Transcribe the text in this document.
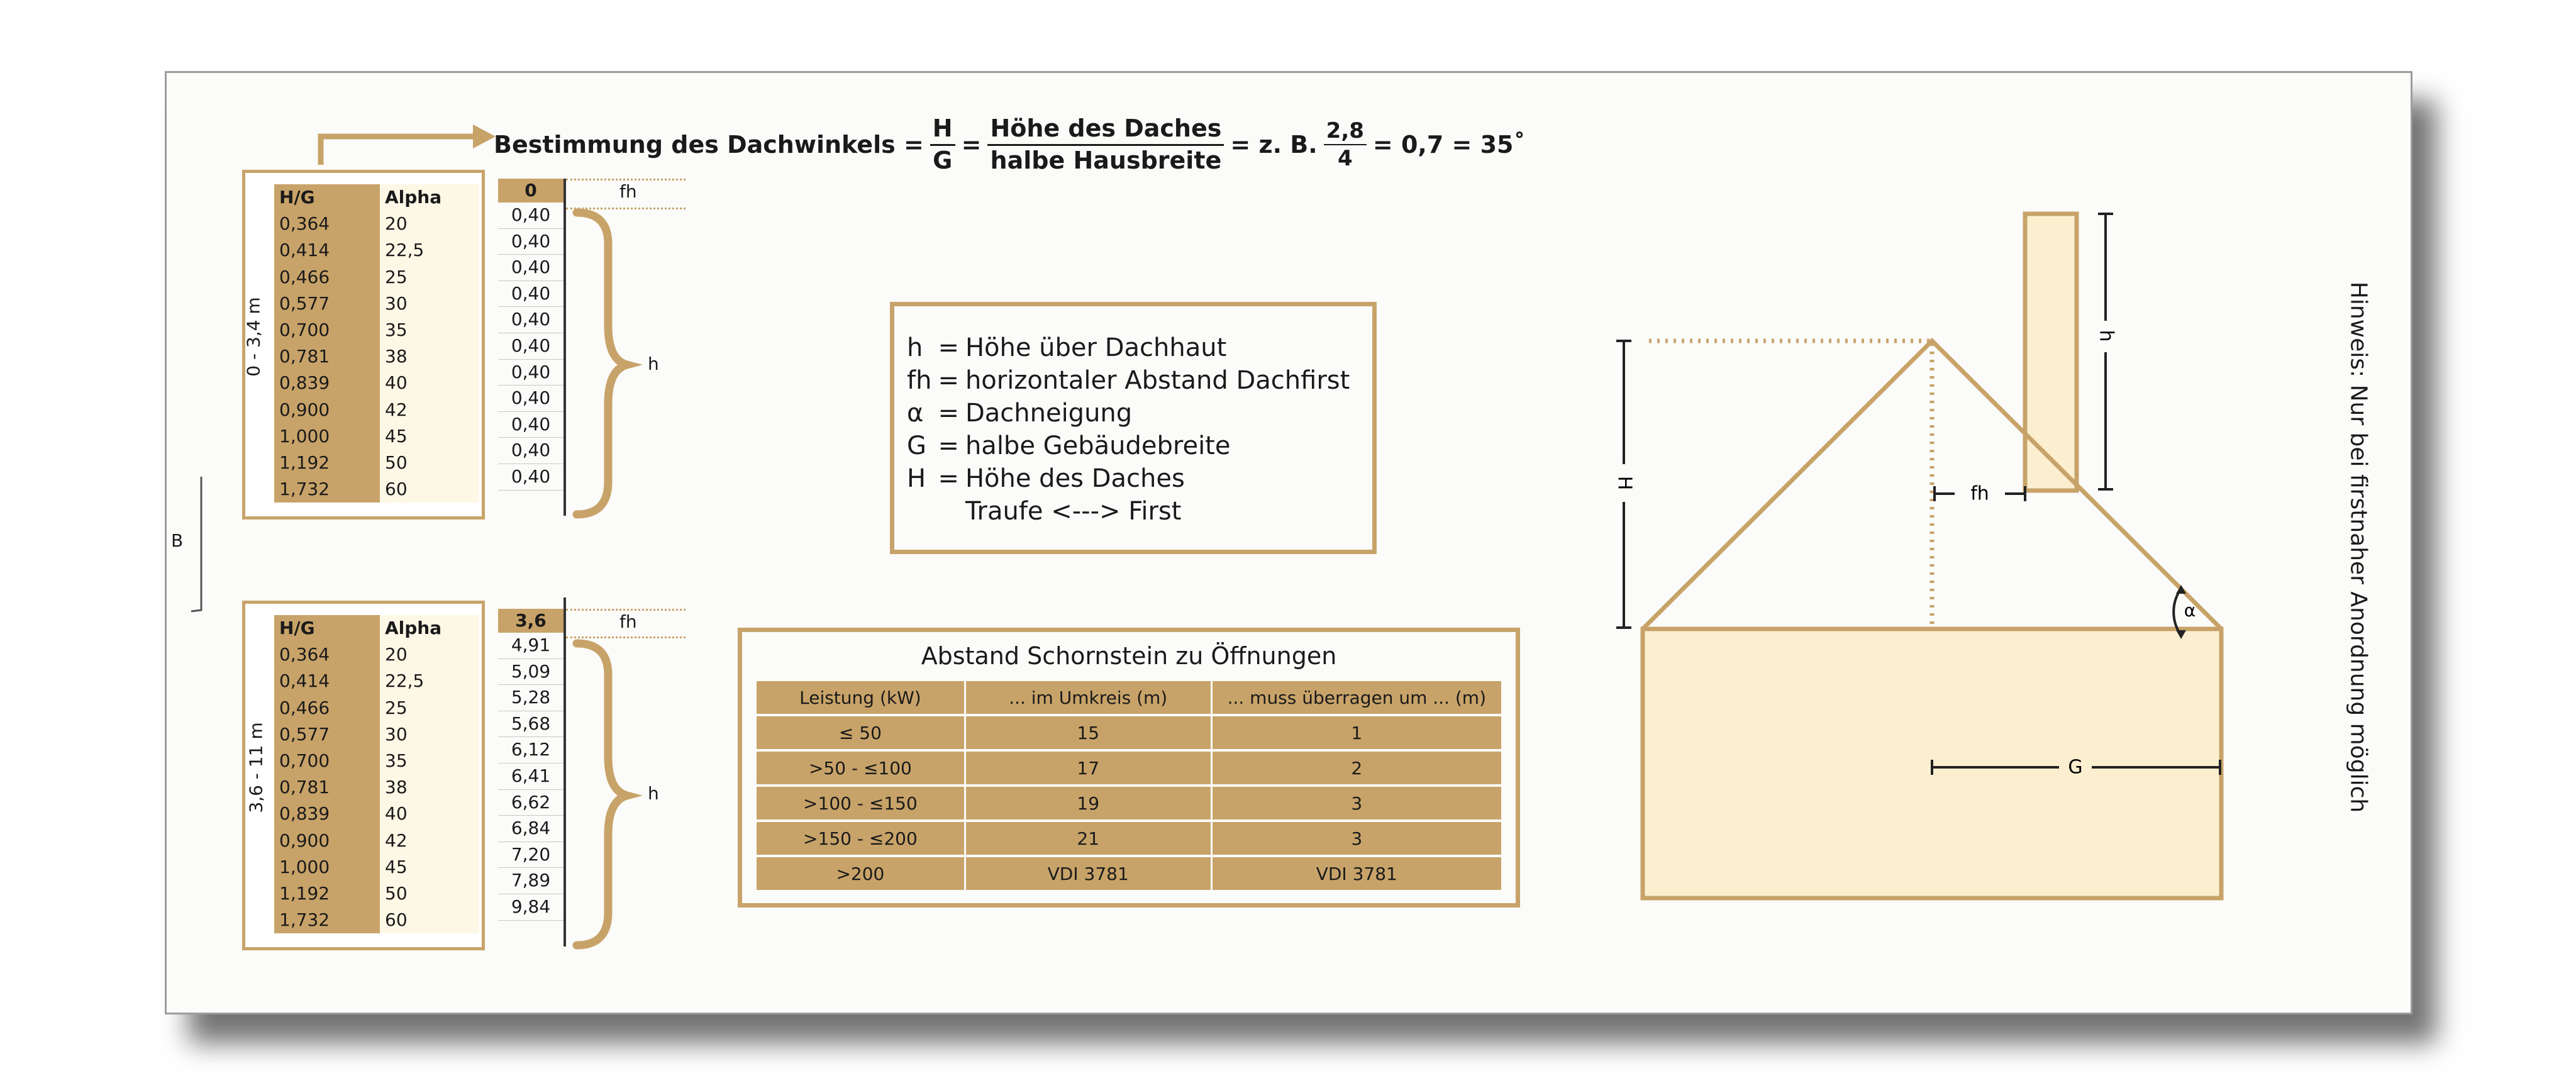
Bestimmung des Dachwinkels = $\frac{H}{G} = \frac{\text{Höhe des Daches}}{\text{halbe Hausbreite}} = z$. B. $\frac{2,8}{4} = 0,7$ = 35˚
H/G	Alpha
0,364	20
0,414	22,5
0,466	25
0,577	30
0,700	35
0,781	38
0,839	40
0,900	42
1,000	45
1,192	50
1,732	60
0 - 3,4 m
0
0,40
0,40
0,40
0,40
0,40
0,40
0,40
0,40
0,40
0,40
0,40
fh
h
B
H/G	Alpha
0,364	20
0,414	22,5
0,466	25
0,577	30
0,700	35
0,781	38
0,839	40
0,900	42
1,000	45
1,192	50
1,732	60
3,6 - 11 m
3,6
4,91
5,09
5,28
5,68
6,12
6,41
6,62
6,84
7,20
7,89
9,84
fh
h
h	=	Höhe über Dachhaut
fh	=	horizontaler Abstand Dachfirst
α	=	Dachneigung
G	=	halbe Gebäudebreite
H	=	Höhe des Daches
		Traufe <---> First
Abstand Schornstein zu Öffnungen
Leistung (kW)	... im Umkreis (m)	... muss überragen um ... (m)
≤ 50	15	1
>50 - ≤100	17	2
>100 - ≤150	19	3
>150 - ≤200	21	3
>200	VDI 3781	VDI 3781
H
h
fh
G
α	Hinweis: Nur bei firstnaher Anordnung möglich
